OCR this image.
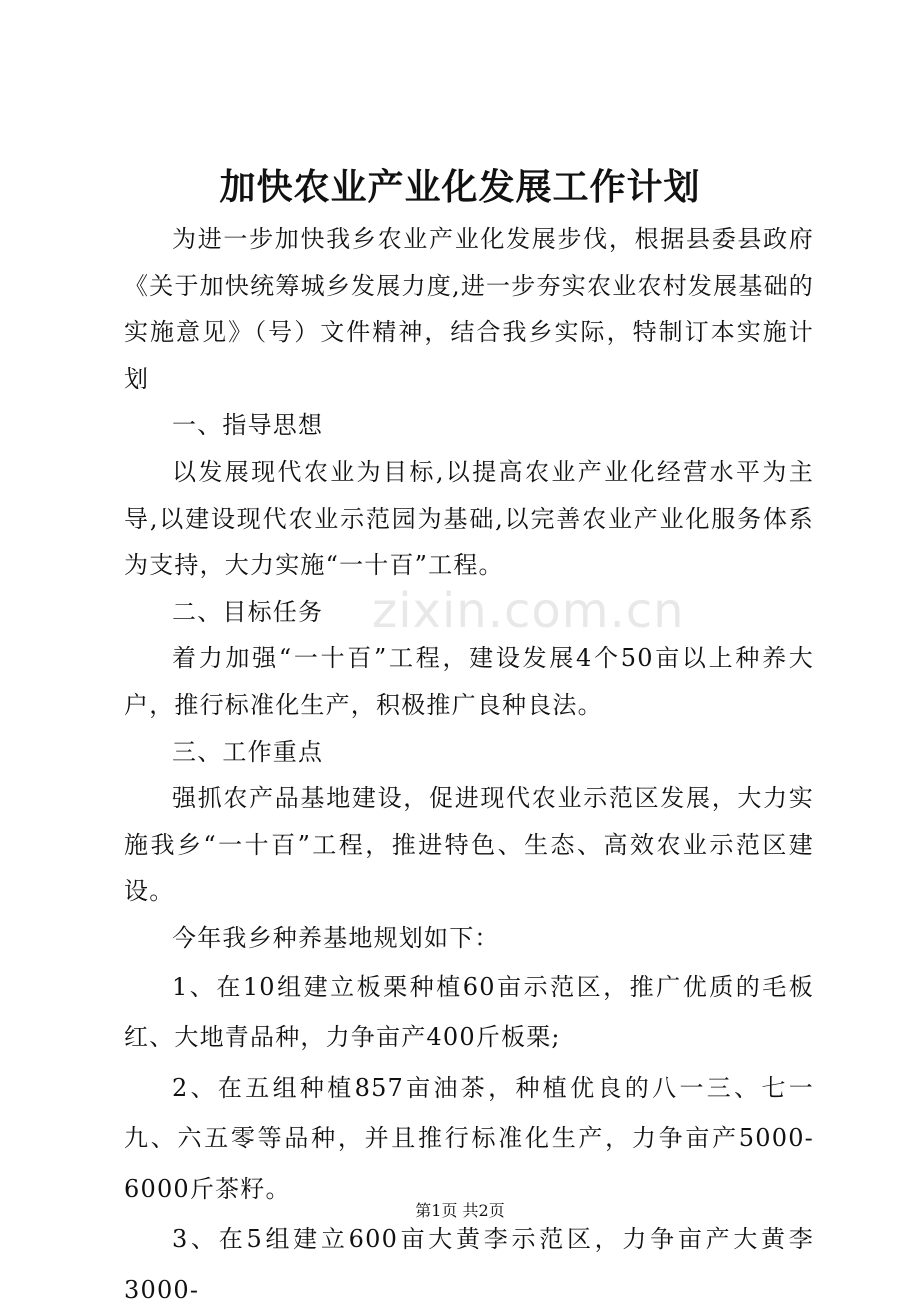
加快农业产业化发展工作计划

为进一步加快我乡农业产业化发展步伐，根据县委县政府《关于加快统筹城乡发展力度,进一步夯实农业农村发展基础的实施意见》（号）文件精神，结合我乡实际，特制订本实施计划

一、指导思想

以发展现代农业为目标,以提高农业产业化经营水平为主导,以建设现代农业示范园为基础,以完善农业产业化服务体系为支持，大力实施“一十百”工程。

二、目标任务

着力加强“一十百”工程，建设发展4个50亩以上种养大户，推行标准化生产，积极推广良种良法。

三、工作重点

强抓农产品基地建设，促进现代农业示范区发展，大力实施我乡“一十百”工程，推进特色、生态、高效农业示范区建设。

今年我乡种养基地规划如下：

1、在10组建立板栗种植60亩示范区，推广优质的毛板红、大地青品种，力争亩产400斤板栗;

2、在五组种植857亩油茶，种植优良的八一三、七一九、六五零等品种，并且推行标准化生产，力争亩产5000-6000斤茶籽。

3、在5组建立600亩大黄李示范区，力争亩产大黄李3000-

zixin.com.cn
第1页 共2页
